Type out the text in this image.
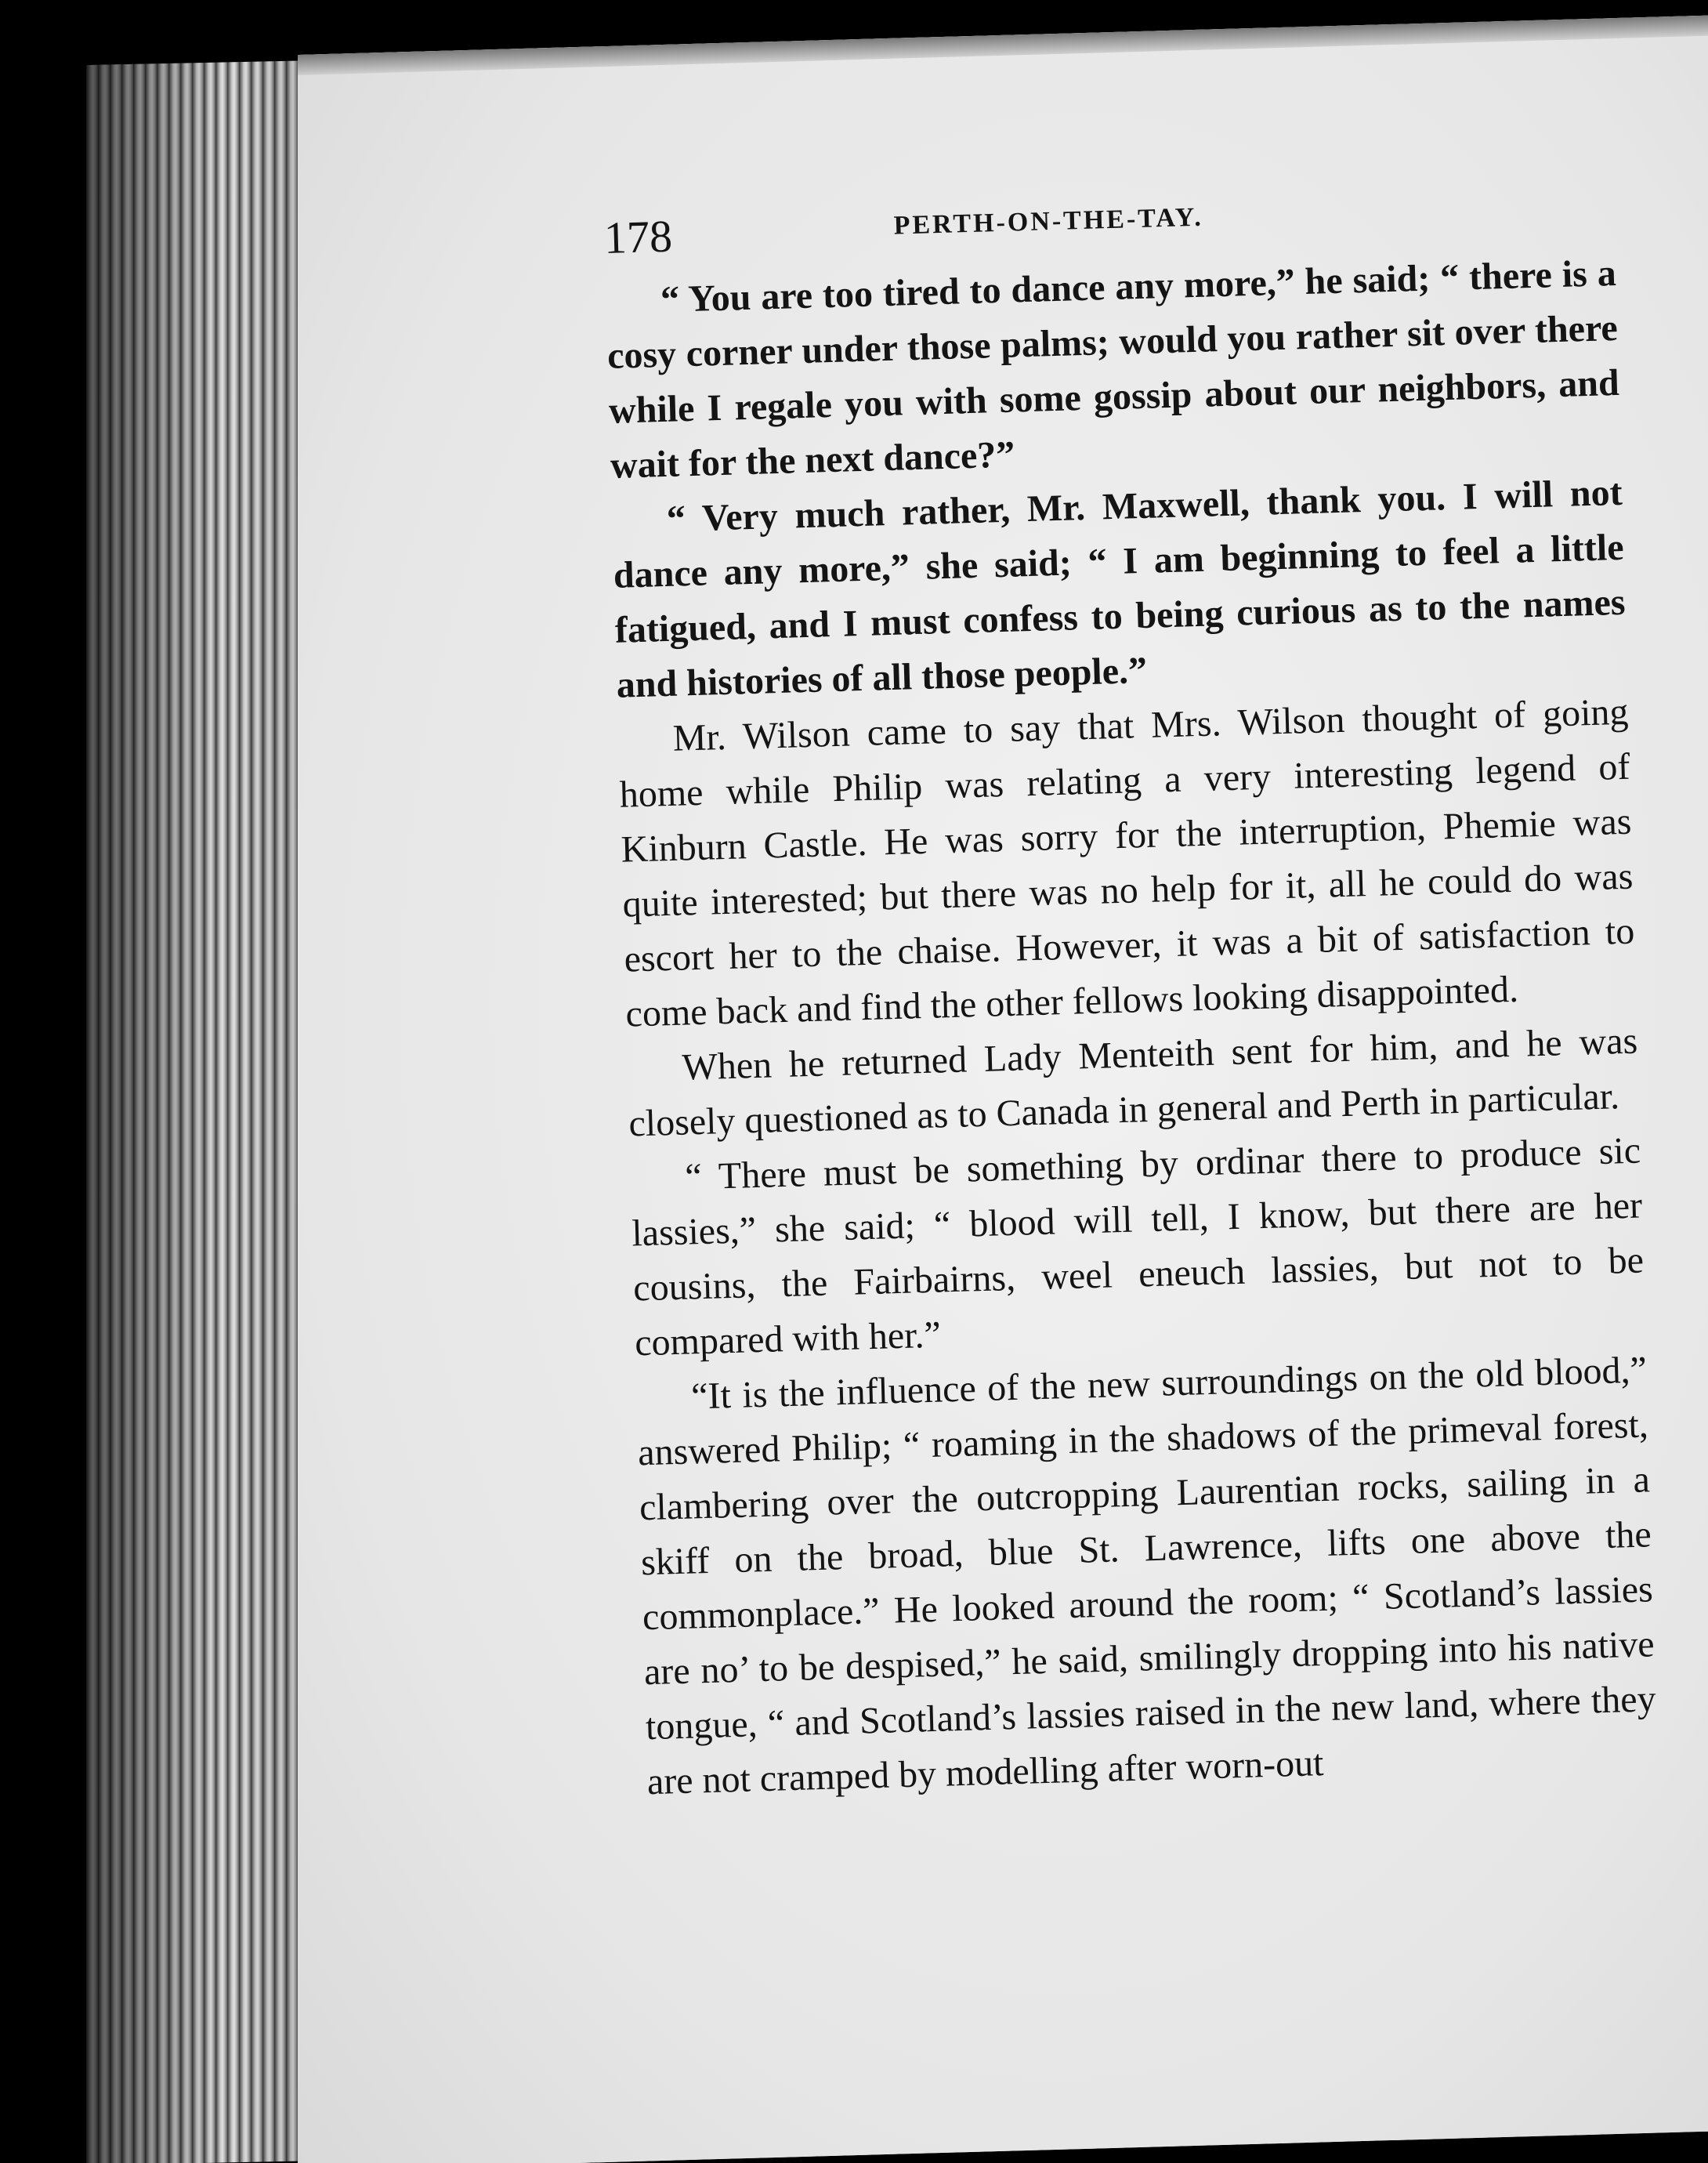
178	PERTH-ON-THE-TAY.

“ You are too tired to dance any more,” he said; “ there is a cosy corner under those palms; would you rather sit over there while I regale you with some gossip about our neighbors, and wait for the next dance?”

“ Very much rather, Mr. Maxwell, thank you. I will not dance any more,” she said; “ I am beginning to feel a little fatigued, and I must confess to being curious as to the names and histories of all those people.”

Mr. Wilson came to say that Mrs. Wilson thought of going home while Philip was relating a very interesting legend of Kinburn Castle. He was sorry for the interruption, Phemie was quite interested; but there was no help for it, all he could do was escort her to the chaise. However, it was a bit of satisfaction to come back and find the other fellows looking disappointed.

When he returned Lady Menteith sent for him, and he was closely questioned as to Canada in general and Perth in particular.

“ There must be something by ordinar there to produce sic lassies,” she said; “ blood will tell, I know, but there are her cousins, the Fairbairns, weel eneuch lassies, but not to be compared with her.”

“It is the influence of the new surroundings on the old blood,” answered Philip; “ roaming in the shadows of the primeval forest, clambering over the outcropping Laurentian rocks, sailing in a skiff on the broad, blue St. Lawrence, lifts one above the commonplace.” He looked around the room; “ Scotland’s lassies are no’ to be despised,” he said, smilingly dropping into his native tongue, “ and Scotland’s lassies raised in the new land, where they are not cramped by modelling after worn-out
